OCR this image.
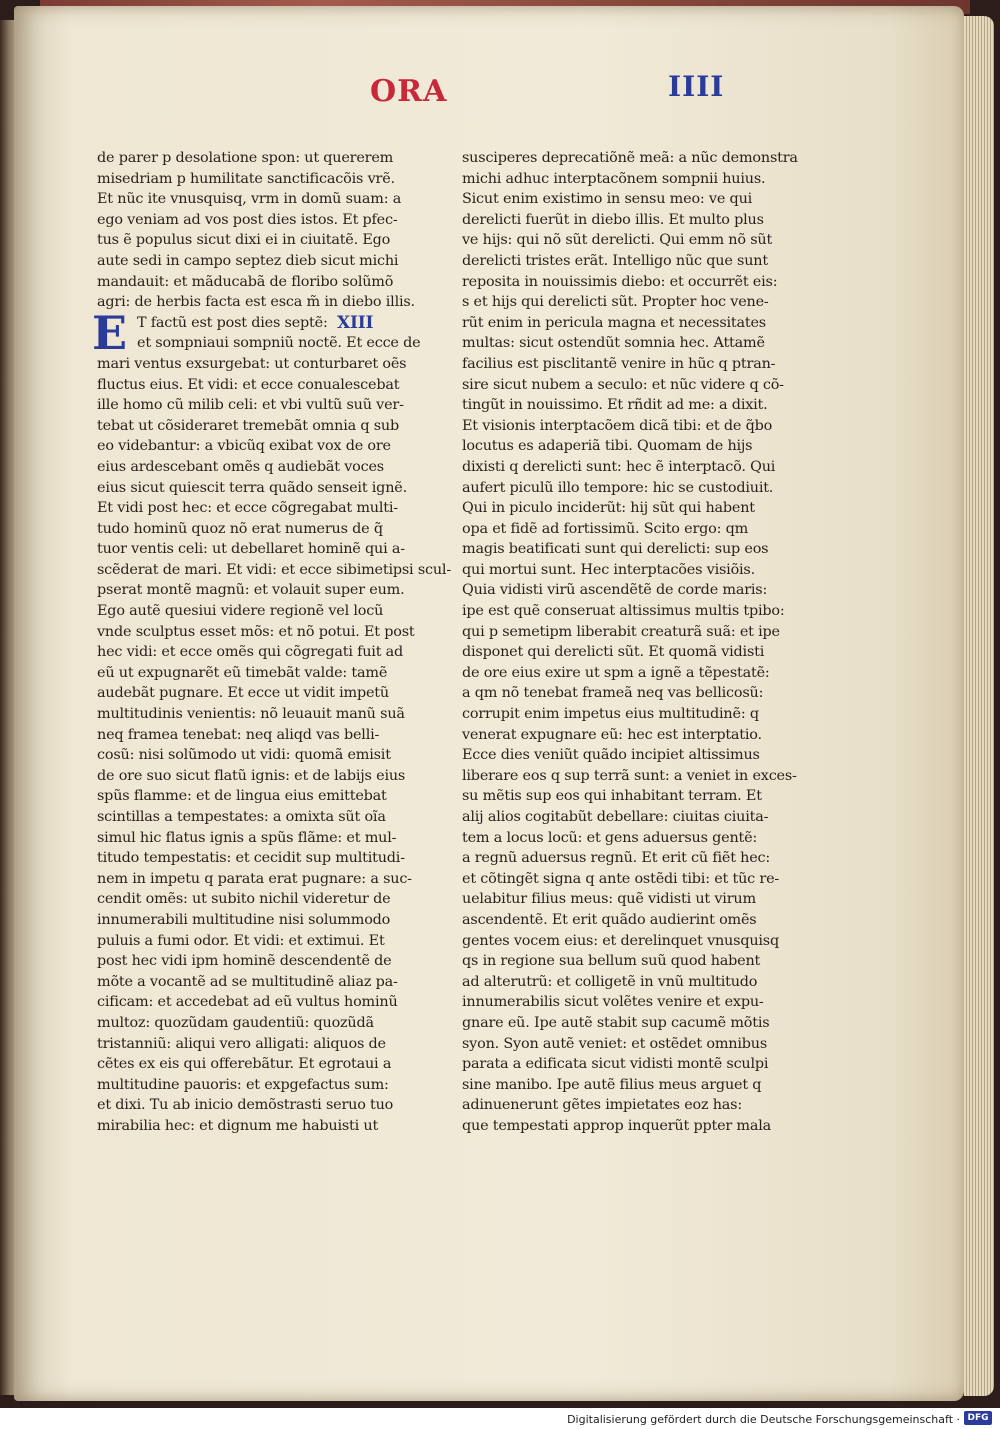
ORA	IIII
E
de parer p desolatione spon: ut quererem
misedriam p humilitate sanctificacõis vrẽ.
Et nũc ite vnusquisq, vrm in domũ suam: a
ego veniam ad vos post dies istos. Et pfec-
tus ẽ populus sicut dixi ei in ciuitatẽ. Ego
aute sedi in campo septez dieb sicut michi
mandauit: et mãducabã de floribo solũmõ
agri: de herbis facta est esca m̃ in diebo illis.
T factũ est post dies septẽ: XIII
et sompniaui sompniũ noctẽ. Et ecce de
mari ventus exsurgebat: ut conturbaret oẽs
fluctus eius. Et vidi: et ecce conualescebat
ille homo cũ milib celi: et vbi vultũ suũ ver-
tebat ut cõsideraret tremebãt omnia q sub
eo videbantur: a vbicũq exibat vox de ore
eius ardescebant omẽs q audiebãt voces
eius sicut quiescit terra quãdo senseit ignẽ.
Et vidi post hec: et ecce cõgregabat multi-
tudo hominũ quoz nõ erat numerus de q̃
tuor ventis celi: ut debellaret hominẽ qui a-
scẽderat de mari. Et vidi: et ecce sibimetipsi scul-
pserat montẽ magnũ: et volauit super eum.
Ego autẽ quesiui videre regionẽ vel locũ
vnde sculptus esset mõs: et nõ potui. Et post
hec vidi: et ecce omẽs qui cõgregati fuit ad
eũ ut expugnarẽt eũ timebãt valde: tamẽ
audebãt pugnare. Et ecce ut vidit impetũ
multitudinis venientis: nõ leuauit manũ suã
neq framea tenebat: neq aliqd vas belli-
cosũ: nisi solũmodo ut vidi: quomã emisit
de ore suo sicut flatũ ignis: et de labijs eius
spũs flamme: et de lingua eius emittebat
scintillas a tempestates: a omixta sũt oĩa
simul hic flatus ignis a spũs flãme: et mul-
titudo tempestatis: et cecidit sup multitudi-
nem in impetu q parata erat pugnare: a suc-
cendit omẽs: ut subito nichil videretur de
innumerabili multitudine nisi solummodo
puluis a fumi odor. Et vidi: et extimui. Et
post hec vidi ipm hominẽ descendentẽ de
mõte a vocantẽ ad se multitudinẽ aliaz pa-
cificam: et accedebat ad eũ vultus hominũ
multoz: quozũdam gaudentiũ: quozũdã
tristanniũ: aliqui vero alligati: aliquos de
cẽtes ex eis qui offerebãtur. Et egrotaui a
multitudine pauoris: et expgefactus sum:
et dixi. Tu ab inicio demõstrasti seruo tuo
mirabilia hec: et dignum me habuisti ut
susciperes deprecatiõnẽ meã: a nũc demonstra
michi adhuc interptacõnem sompnii huius.
Sicut enim existimo in sensu meo: ve qui
derelicti fuerũt in diebo illis. Et multo plus
ve hijs: qui nõ sũt derelicti. Qui emm nõ sũt
derelicti tristes erãt. Intelligo nũc que sunt
reposita in nouissimis diebo: et occurrẽt eis:
s et hijs qui derelicti sũt. Propter hoc vene-
rũt enim in pericula magna et necessitates
multas: sicut ostendũt somnia hec. Attamẽ
facilius est pisclitantẽ venire in hũc q ptran-
sire sicut nubem a seculo: et nũc videre q cõ-
tingũt in nouissimo. Et rñdit ad me: a dixit.
Et visionis interptacõem dicã tibi: et de q̃bo
locutus es adaperiã tibi. Quomam de hijs
dixisti q derelicti sunt: hec ẽ interptacõ. Qui
aufert piculũ illo tempore: hic se custodiuit.
Qui in piculo inciderũt: hij sũt qui habent
opa et fidẽ ad fortissimũ. Scito ergo: qm
magis beatificati sunt qui derelicti: sup eos
qui mortui sunt. Hec interptacões visiõis.
Quia vidisti virũ ascendẽtẽ de corde maris:
ipe est quẽ conseruat altissimus multis tpibo:
qui p semetipm liberabit creaturã suã: et ipe
disponet qui derelicti sũt. Et quomã vidisti
de ore eius exire ut spm a ignẽ a tẽpestatẽ:
a qm nõ tenebat frameã neq vas bellicosũ:
corrupit enim impetus eius multitudinẽ: q
venerat expugnare eũ: hec est interptatio.
Ecce dies veniũt quãdo incipiet altissimus
liberare eos q sup terrã sunt: a veniet in exces-
su mẽtis sup eos qui inhabitant terram. Et
alij alios cogitabũt debellare: ciuitas ciuita-
tem a locus locũ: et gens aduersus gentẽ:
a regnũ aduersus regnũ. Et erit cũ fiẽt hec:
et cõtingẽt signa q ante ostẽdi tibi: et tũc re-
uelabitur filius meus: quẽ vidisti ut virum
ascendentẽ. Et erit quãdo audierint omẽs
gentes vocem eius: et derelinquet vnusquisq
qs in regione sua bellum suũ quod habent
ad alterutrũ: et colligetẽ in vnũ multitudo
innumerabilis sicut volẽtes venire et expu-
gnare eũ. Ipe autẽ stabit sup cacumẽ mõtis
syon. Syon autẽ veniet: et ostẽdet omnibus
parata a edificata sicut vidisti montẽ sculpi
sine manibo. Ipe autẽ filius meus arguet q
adinuenerunt gẽtes impietates eoz has:
que tempestati approp inquerũt ppter mala
Digitalisierung gefördert durch die Deutsche Forschungsgemeinschaft · DFG
